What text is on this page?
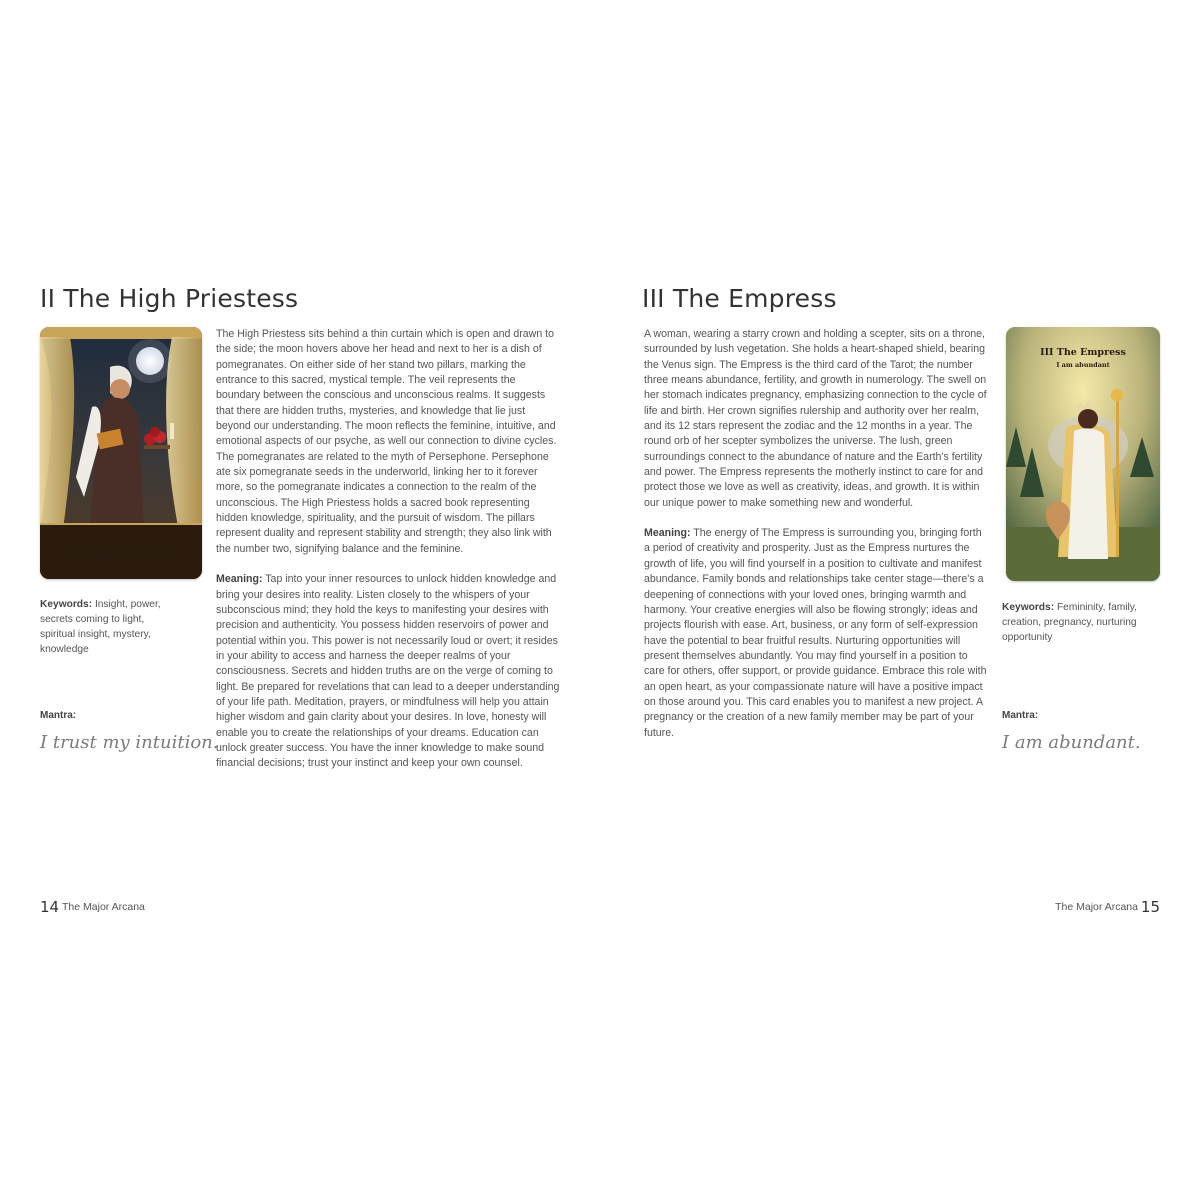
II The High Priestess
II The High Priestess
I trust my intuition

The High Priestess sits behind a thin curtain which is open and drawn to the side; the moon hovers above her head and next to her is a dish of pomegranates. On either side of her stand two pillars, marking the entrance to this sacred, mystical temple. The veil represents the boundary between the conscious and unconscious realms. It suggests that there are hidden truths, mysteries, and knowledge that lie just beyond our understanding. The moon reflects the feminine, intuitive, and emotional aspects of our psyche, as well our connection to divine cycles. The pomegranates are related to the myth of Persephone. Persephone ate six pomegranate seeds in the underworld, linking her to it forever more, so the pomegranate indicates a connection to the realm of the unconscious. The High Priestess holds a sacred book representing hidden knowledge, spirituality, and the pursuit of wisdom. The pillars represent duality and represent stability and strength; they also link with the number two, signifying balance and the feminine.

Meaning: Tap into your inner resources to unlock hidden knowledge and bring your desires into reality. Listen closely to the whispers of your subconscious mind; they hold the keys to manifesting your desires with precision and authenticity. You possess hidden reservoirs of power and potential within you. This power is not necessarily loud or overt; it resides in your ability to access and harness the deeper realms of your consciousness. Secrets and hidden truths are on the verge of coming to light. Be prepared for revelations that can lead to a deeper understanding of your life path. Meditation, prayers, or mindfulness will help you attain higher wisdom and gain clarity about your desires. In love, honesty will enable you to create the relationships of your dreams. Education can unlock greater success. You have the inner knowledge to make sound financial decisions; trust your instinct and keep your own counsel.

Keywords: Insight, power, secrets coming to light, spiritual insight, mystery, knowledge
Mantra:
I trust my intuition.
14 The Major Arcana
III The Empress

A woman, wearing a starry crown and holding a scepter, sits on a throne, surrounded by lush vegetation. She holds a heart-shaped shield, bearing the Venus sign. The Empress is the third card of the Tarot; the number three means abundance, fertility, and growth in numerology. The swell on her stomach indicates pregnancy, emphasizing connection to the cycle of life and birth. Her crown signifies rulership and authority over her realm, and its 12 stars represent the zodiac and the 12 months in a year. The round orb of her scepter symbolizes the universe. The lush, green surroundings connect to the abundance of nature and the Earth's fertility and power. The Empress represents the motherly instinct to care for and protect those we love as well as creativity, ideas, and growth. It is within our unique power to make something new and wonderful.

Meaning: The energy of The Empress is surrounding you, bringing forth a period of creativity and prosperity. Just as the Empress nurtures the growth of life, you will find yourself in a position to cultivate and manifest abundance. Family bonds and relationships take center stage—there's a deepening of connections with your loved ones, bringing warmth and harmony. Your creative energies will also be flowing strongly; ideas and projects flourish with ease. Art, business, or any form of self-expression have the potential to bear fruitful results. Nurturing opportunities will present themselves abundantly. You may find yourself in a position to care for others, offer support, or provide guidance. Embrace this role with an open heart, as your compassionate nature will have a positive impact on those around you. This card enables you to manifest a new project. A pregnancy or the creation of a new family member may be part of your future.

III The Empress
I am abundant
Keywords: Femininity, family, creation, pregnancy, nurturing opportunity
Mantra:
I am abundant.
The Major Arcana 15
